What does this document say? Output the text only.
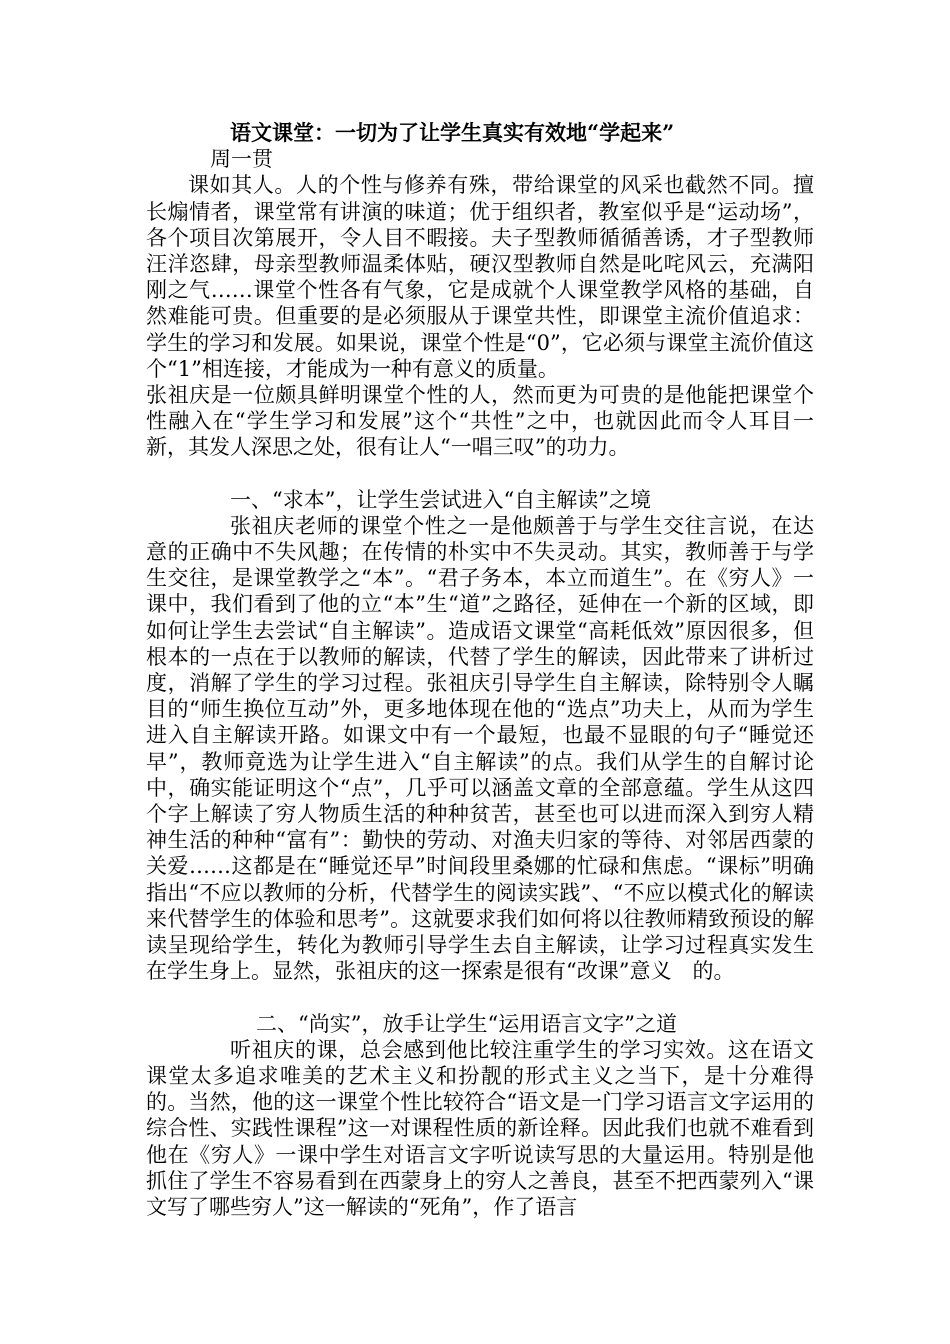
语文课堂：一切为了让学生真实有效地“学起来”
周一贯

课如其人。人的个性与修养有殊，带给课堂的风采也截然不同。擅长煽情者，课堂常有讲演的味道；优于组织者，教室似乎是“运动场”，各个项目次第展开，令人目不暇接。夫子型教师循循善诱，才子型教师汪洋恣肆，母亲型教师温柔体贴，硬汉型教师自然是叱咤风云，充满阳刚之气……课堂个性各有气象，它是成就个人课堂教学风格的基础，自然难能可贵。但重要的是必须服从于课堂共性，即课堂主流价值追求：学生的学习和发展。如果说，课堂个性是“0”，它必须与课堂主流价值这个“1”相连接，才能成为一种有意义的质量。

张祖庆是一位颇具鲜明课堂个性的人，然而更为可贵的是他能把课堂个性融入在“学生学习和发展”这个“共性”之中，也就因此而令人耳目一新，其发人深思之处，很有让人“一唱三叹”的功力。

一、“求本”，让学生尝试进入“自主解读”之境

张祖庆老师的课堂个性之一是他颇善于与学生交往言说，在达意的正确中不失风趣；在传情的朴实中不失灵动。其实，教师善于与学生交往，是课堂教学之“本”。“君子务本，本立而道生”。在《穷人》一课中，我们看到了他的立“本”生“道”之路径，延伸在一个新的区域，即如何让学生去尝试“自主解读”。造成语文课堂“高耗低效”原因很多，但根本的一点在于以教师的解读，代替了学生的解读，因此带来了讲析过度，消解了学生的学习过程。张祖庆引导学生自主解读，除特别令人瞩目的“师生换位互动”外，更多地体现在他的“选点”功夫上，从而为学生进入自主解读开路。如课文中有一个最短，也最不显眼的句子“睡觉还早”，教师竟选为让学生进入“自主解读”的点。我们从学生的自解讨论中，确实能证明这个“点”，几乎可以涵盖文章的全部意蕴。学生从这四个字上解读了穷人物质生活的种种贫苦，甚至也可以进而深入到穷人精神生活的种种“富有”：勤快的劳动、对渔夫归家的等待、对邻居西蒙的关爱……这都是在“睡觉还早”时间段里桑娜的忙碌和焦虑。“课标”明确指出“不应以教师的分析，代替学生的阅读实践”、“不应以模式化的解读来代替学生的体验和思考”。这就要求我们如何将以往教师精致预设的解读呈现给学生，转化为教师引导学生去自主解读，让学习过程真实发生在学生身上。显然，张祖庆的这一探索是很有“改课”意义　的。

二、“尚实”，放手让学生“运用语言文字”之道

听祖庆的课，总会感到他比较注重学生的学习实效。这在语文课堂太多追求唯美的艺术主义和扮靓的形式主义之当下，是十分难得的。当然，他的这一课堂个性比较符合“语文是一门学习语言文字运用的综合性、实践性课程”这一对课程性质的新诠释。因此我们也就不难看到他在《穷人》一课中学生对语言文字听说读写思的大量运用。特别是他抓住了学生不容易看到在西蒙身上的穷人之善良，甚至不把西蒙列入“课文写了哪些穷人”这一解读的“死角”，作了语言
